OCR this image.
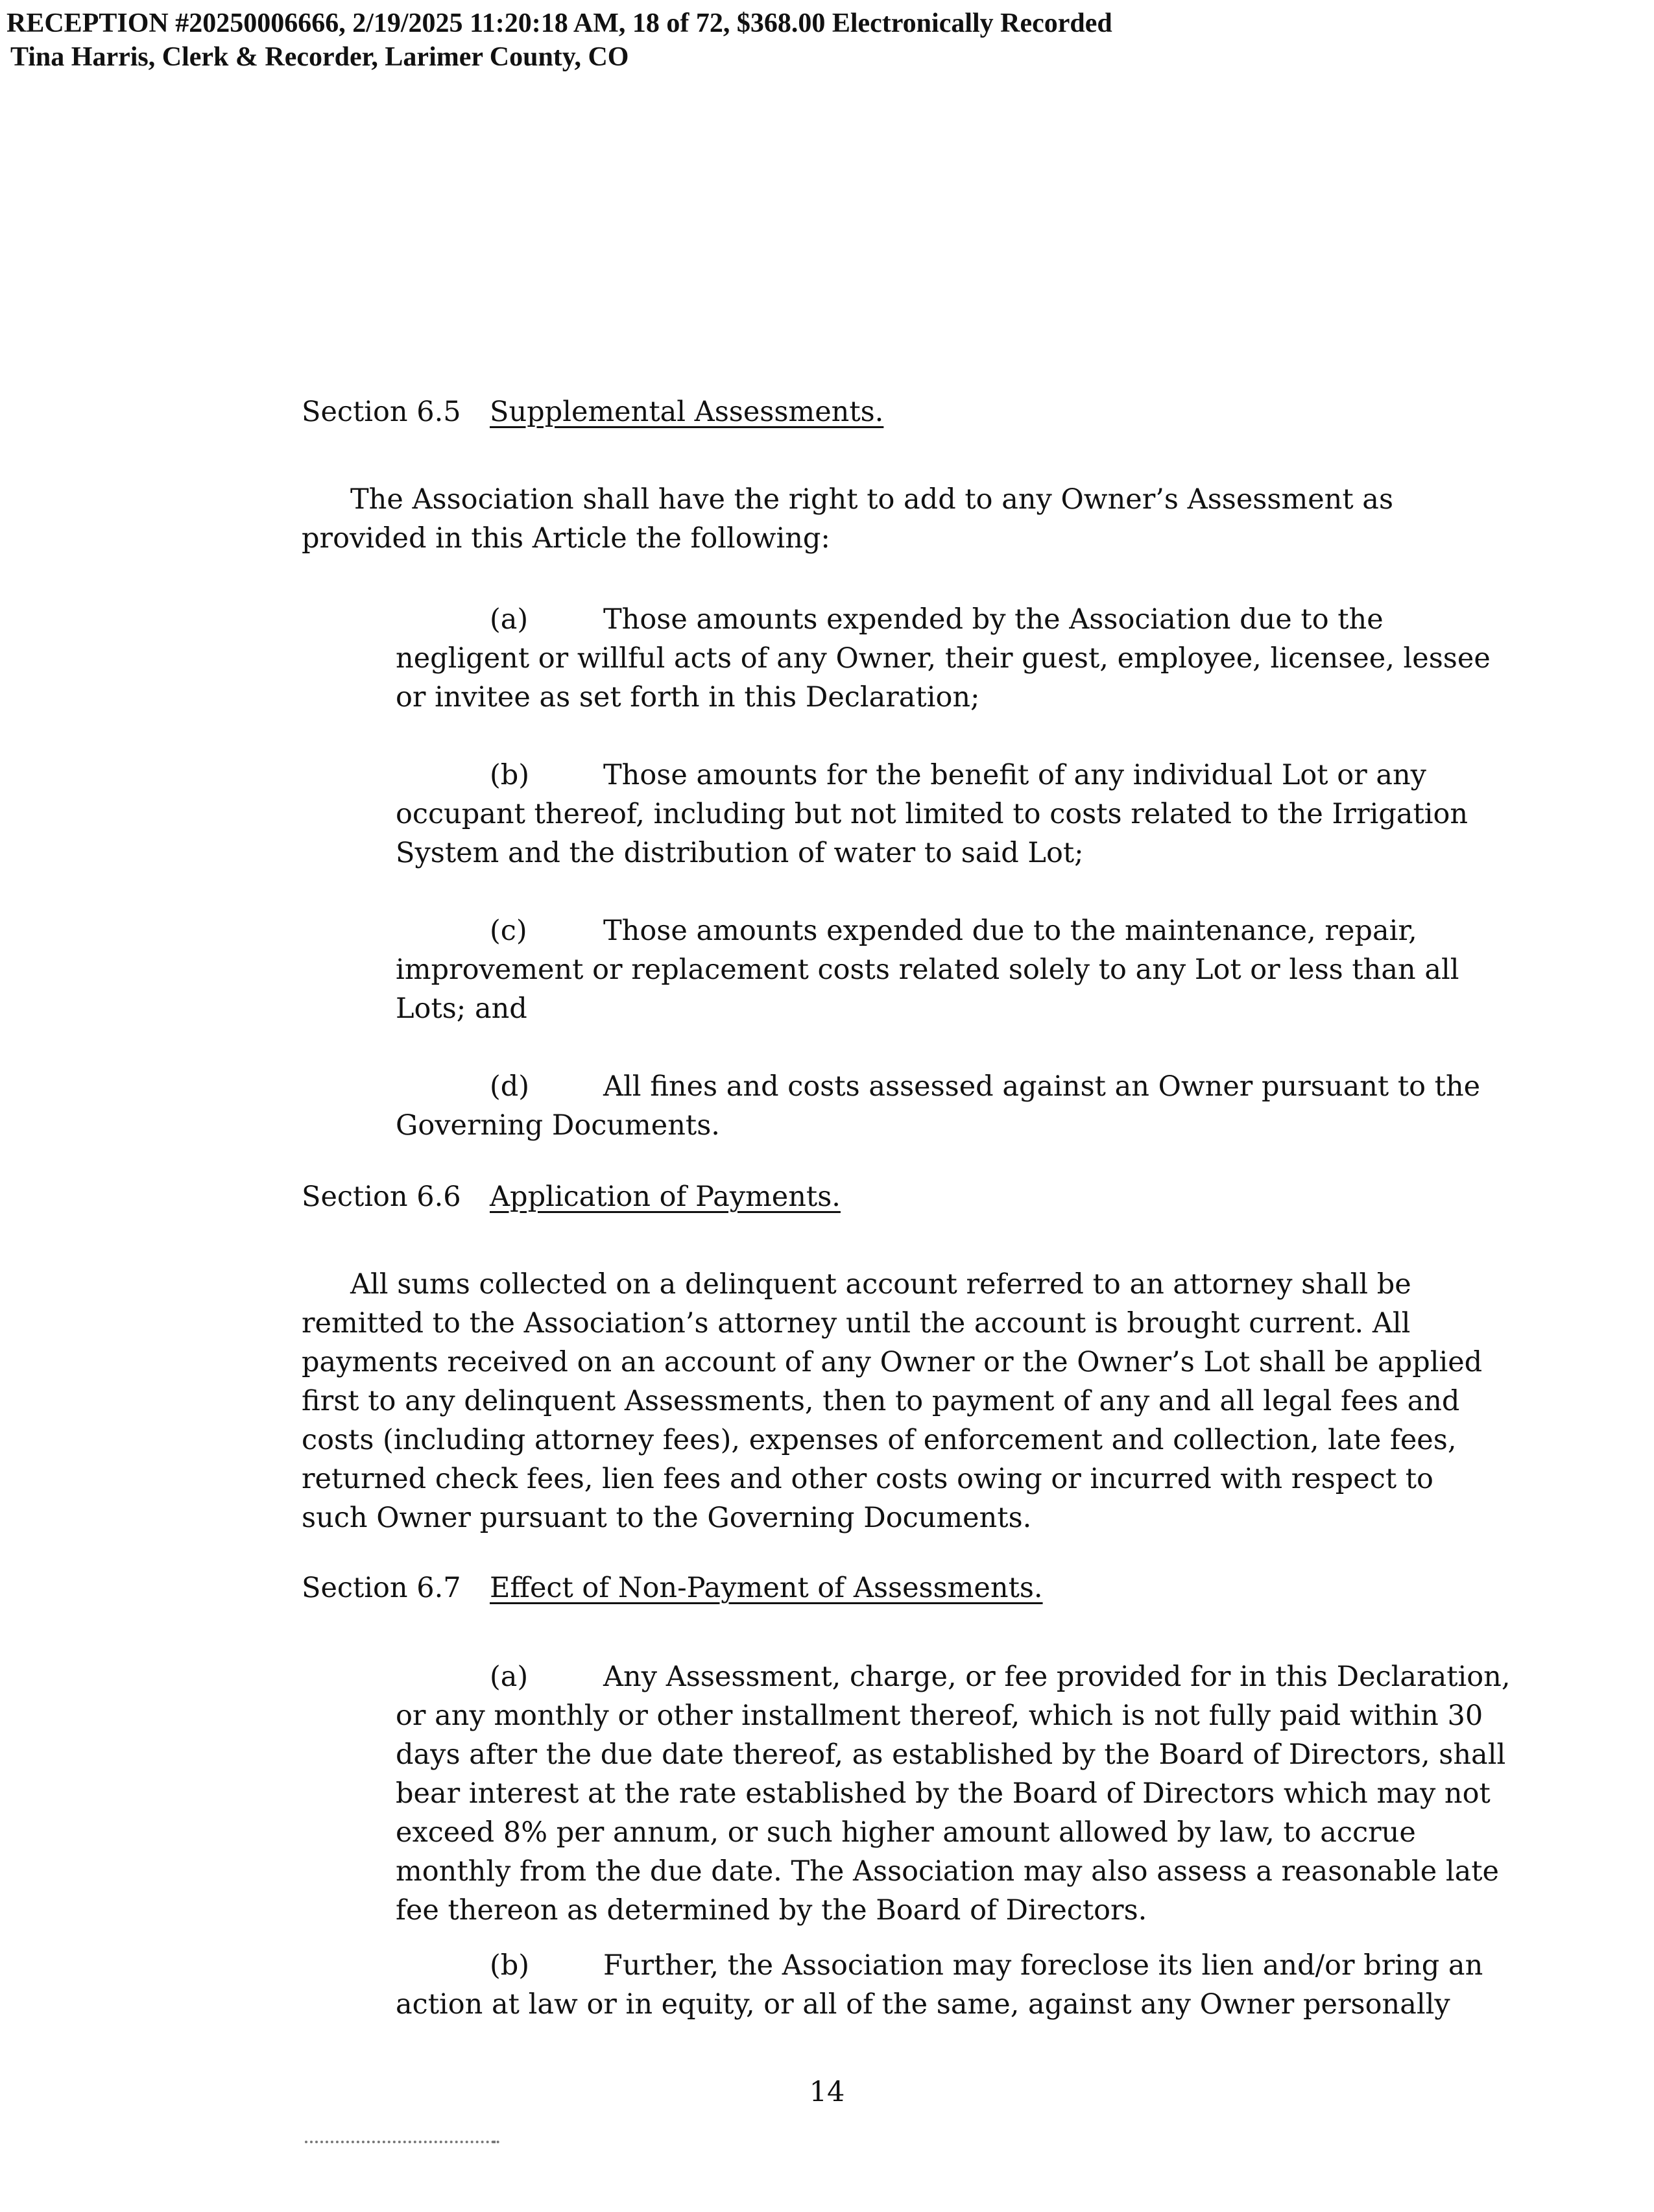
RECEPTION #20250006666, 2/19/2025 11:20:18 AM, 18 of 72, $368.00 Electronically Recorded
Tina Harris, Clerk & Recorder, Larimer County, CO
Section 6.5 Supplemental Assessments.
The Association shall have the right to add to any Owner’s Assessment as provided in this Article the following:
(a)	Those amounts expended by the Association due to the negligent or willful acts of any Owner, their guest, employee, licensee, lessee or invitee as set forth in this Declaration;
(b)	Those amounts for the benefit of any individual Lot or any occupant thereof, including but not limited to costs related to the Irrigation System and the distribution of water to said Lot;
(c)	Those amounts expended due to the maintenance, repair, improvement or replacement costs related solely to any Lot or less than all Lots; and
(d)	All fines and costs assessed against an Owner pursuant to the Governing Documents.
Section 6.6 Application of Payments.
All sums collected on a delinquent account referred to an attorney shall be remitted to the Association’s attorney until the account is brought current. All payments received on an account of any Owner or the Owner’s Lot shall be applied first to any delinquent Assessments, then to payment of any and all legal fees and costs (including attorney fees), expenses of enforcement and collection, late fees, returned check fees, lien fees and other costs owing or incurred with respect to such Owner pursuant to the Governing Documents.
Section 6.7 Effect of Non-Payment of Assessments.
(a)	Any Assessment, charge, or fee provided for in this Declaration, or any monthly or other installment thereof, which is not fully paid within 30 days after the due date thereof, as established by the Board of Directors, shall bear interest at the rate established by the Board of Directors which may not exceed 8% per annum, or such higher amount allowed by law, to accrue monthly from the due date. The Association may also assess a reasonable late fee thereon as determined by the Board of Directors.
(b)	Further, the Association may foreclose its lien and/or bring an action at law or in equity, or all of the same, against any Owner personally
14
